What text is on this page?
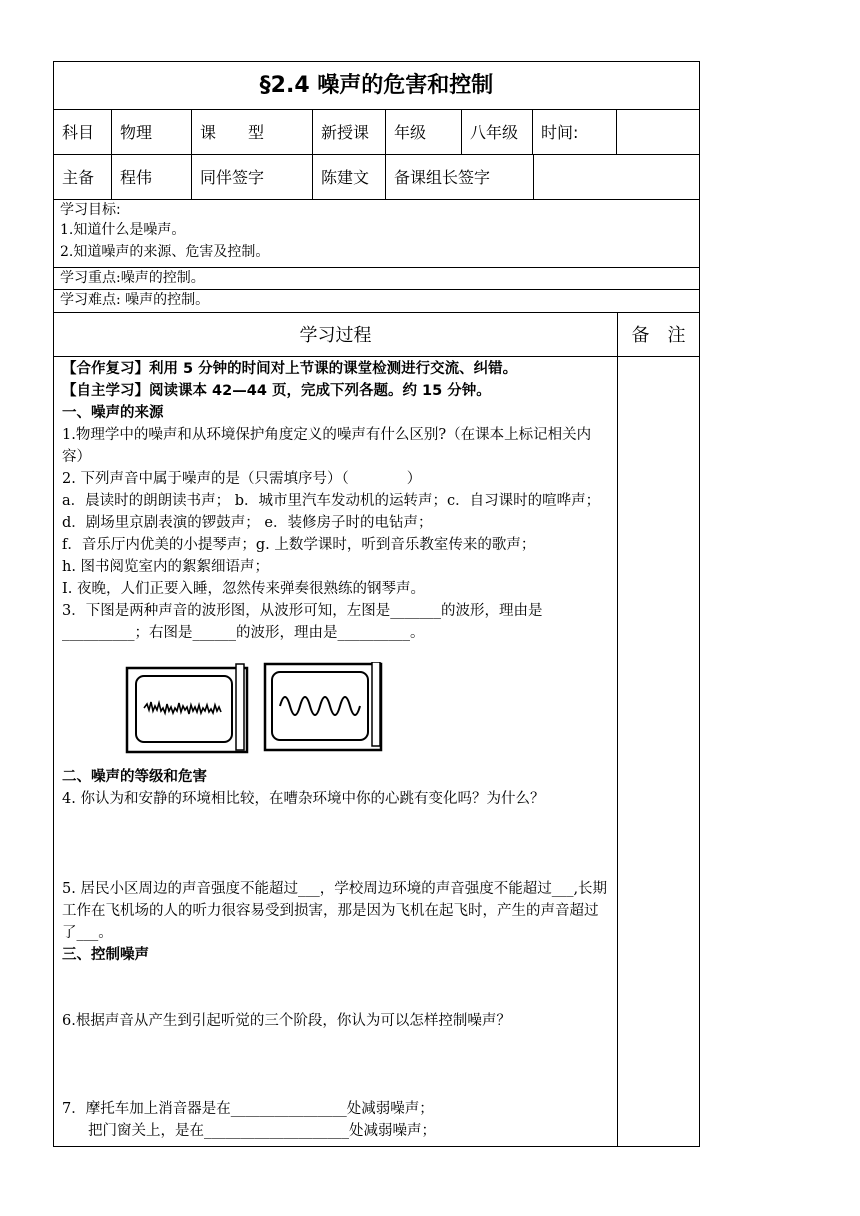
§2.4 噪声的危害和控制
科目	物理	课　　型	新授课	年级	八年级	时间:
主备	程伟	同伴签字	陈建文	备课组长签字
学习目标:
1.知道什么是噪声。
2.知道噪声的来源、危害及控制。
学习重点:噪声的控制。
学习难点: 噪声的控制。
学习过程	备　注
【合作复习】利用 5 分钟的时间对上节课的课堂检测进行交流、纠错。
【自主学习】阅读课本 42—44 页，完成下列各题。约 15 分钟。
一、噪声的来源
1.物理学中的噪声和从环境保护角度定义的噪声有什么区别?（在课本上标记相关内容）
2. 下列声音中属于噪声的是（只需填序号）（　　　　）
a．晨读时的朗朗读书声； b．城市里汽车发动机的运转声；c．自习课时的喧哗声；d．剧场里京剧表演的锣鼓声； e．装修房子时的电钻声；
f．音乐厅内优美的小提琴声；g. 上数学课时，听到音乐教室传来的歌声；
h. 图书阅览室内的絮絮细语声；
I. 夜晚，人们正要入睡，忽然传来弹奏很熟练的钢琴声。
3．下图是两种声音的波形图，从波形可知，左图是_______的波形，理由是__________；右图是______的波形，理由是__________。
二、噪声的等级和危害
4. 你认为和安静的环境相比较，在嘈杂环境中你的心跳有变化吗？为什么？
5. 居民小区周边的声音强度不能超过___，学校周边环境的声音强度不能超过___,长期工作在飞机场的人的听力很容易受到损害，那是因为飞机在起飞时，产生的声音超过了___。
三、控制噪声
6.根据声音从产生到引起听觉的三个阶段，你认为可以怎样控制噪声？
7．摩托车加上消音器是在________________处减弱噪声；
把门窗关上，是在____________________处减弱噪声；
